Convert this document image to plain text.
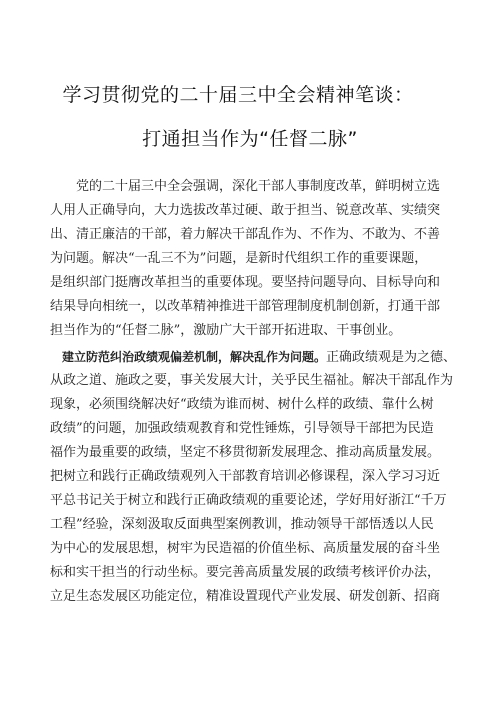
学习贯彻党的二十届三中全会精神笔谈：
打通担当作为“任督二脉”
　　党的二十届三中全会强调，深化干部人事制度改革，鲜明树立选
人用人正确导向，大力选拔改革过硬、敢于担当、锐意改革、实绩突
出、清正廉洁的干部，着力解决干部乱作为、不作为、不敢为、不善
为问题。解决“一乱三不为”问题，是新时代组织工作的重要课题，
是组织部门挺膺改革担当的重要体现。要坚持问题导向、目标导向和
结果导向相统一，以改革精神推进干部管理制度机制创新，打通干部
担当作为的“任督二脉”，激励广大干部开拓进取、干事创业。
　建立防范纠治政绩观偏差机制，解决乱作为问题。正确政绩观是为之德、
从政之道、施政之要，事关发展大计，关乎民生福祉。解决干部乱作为
现象，必须围绕解决好“政绩为谁而树、树什么样的政绩、靠什么树
政绩”的问题，加强政绩观教育和党性锤炼，引导领导干部把为民造
福作为最重要的政绩，坚定不移贯彻新发展理念、推动高质量发展。
把树立和践行正确政绩观列入干部教育培训必修课程，深入学习习近
平总书记关于树立和践行正确政绩观的重要论述，学好用好浙江“千万
工程”经验，深刻汲取反面典型案例教训，推动领导干部悟透以人民
为中心的发展思想，树牢为民造福的价值坐标、高质量发展的奋斗坐
标和实干担当的行动坐标。要完善高质量发展的政绩考核评价办法，
立足生态发展区功能定位，精准设置现代产业发展、研发创新、招商
